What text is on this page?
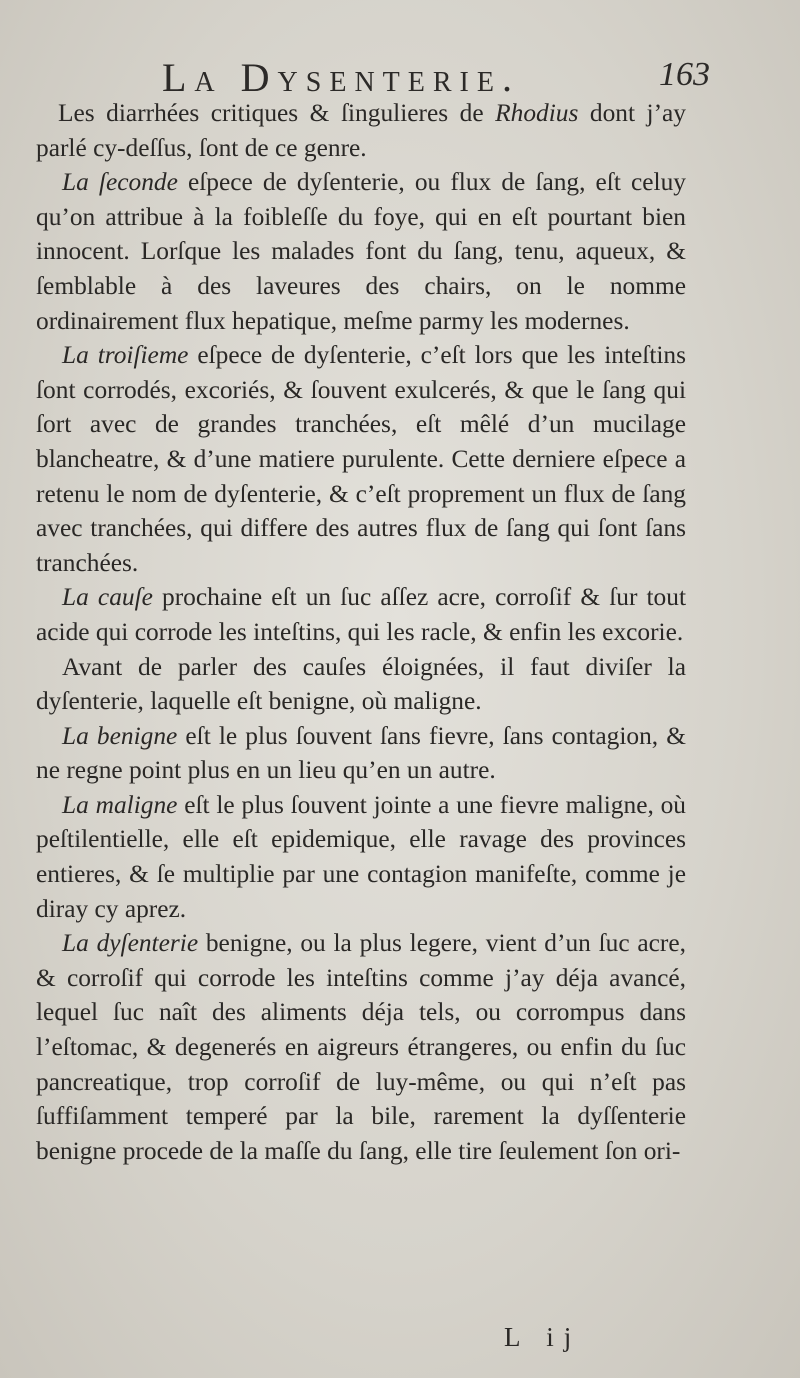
La Dysenterie.	163

Les diarrhées critiques & ſingulieres de Rhodius dont j’ay parlé cy-deſſus, ſont de ce genre.

La ſeconde eſpece de dyſenterie, ou flux de ſang, eſt celuy qu’on attribue à la foibleſſe du foye, qui en eſt pourtant bien innocent. Lorſque les malades font du ſang, tenu, aqueux, & ſemblable à des laveures des chairs, on le nomme ordinairement flux hepatique, meſme parmy les modernes.

La troiſieme eſpece de dyſenterie, c’eſt lors que les inteſtins ſont corrodés, excoriés, & ſouvent exulcerés, & que le ſang qui ſort avec de grandes tranchées, eſt mêlé d’un mucilage blancheatre, & d’une matiere purulente. Cette derniere eſpece a retenu le nom de dyſenterie, & c’eſt proprement un flux de ſang avec tranchées, qui differe des autres flux de ſang qui ſont ſans tranchées.

La cauſe prochaine eſt un ſuc aſſez acre, corroſif & ſur tout acide qui corrode les inteſtins, qui les racle, & enfin les excorie.

Avant de parler des cauſes éloignées, il faut diviſer la dyſenterie, laquelle eſt benigne, où maligne.

La benigne eſt le plus ſouvent ſans fievre, ſans contagion, & ne regne point plus en un lieu qu’en un autre.

La maligne eſt le plus ſouvent jointe a une fievre maligne, où peſtilentielle, elle eſt epidemique, elle ravage des provinces entieres, & ſe multiplie par une contagion manifeſte, comme je diray cy aprez.

La dyſenterie benigne, ou la plus legere, vient d’un ſuc acre, & corroſif qui corrode les inteſtins comme j’ay déja avancé, lequel ſuc naît des aliments déja tels, ou corrompus dans l’eſtomac, & degenerés en aigreurs étrangeres, ou enfin du ſuc pancreatique, trop corroſif de luy-même, ou qui n’eſt pas ſuffiſamment temperé par la bile, rarement la dyſſenterie benigne procede de la maſſe du ſang, elle tire ſeulement ſon ori-

L ij
